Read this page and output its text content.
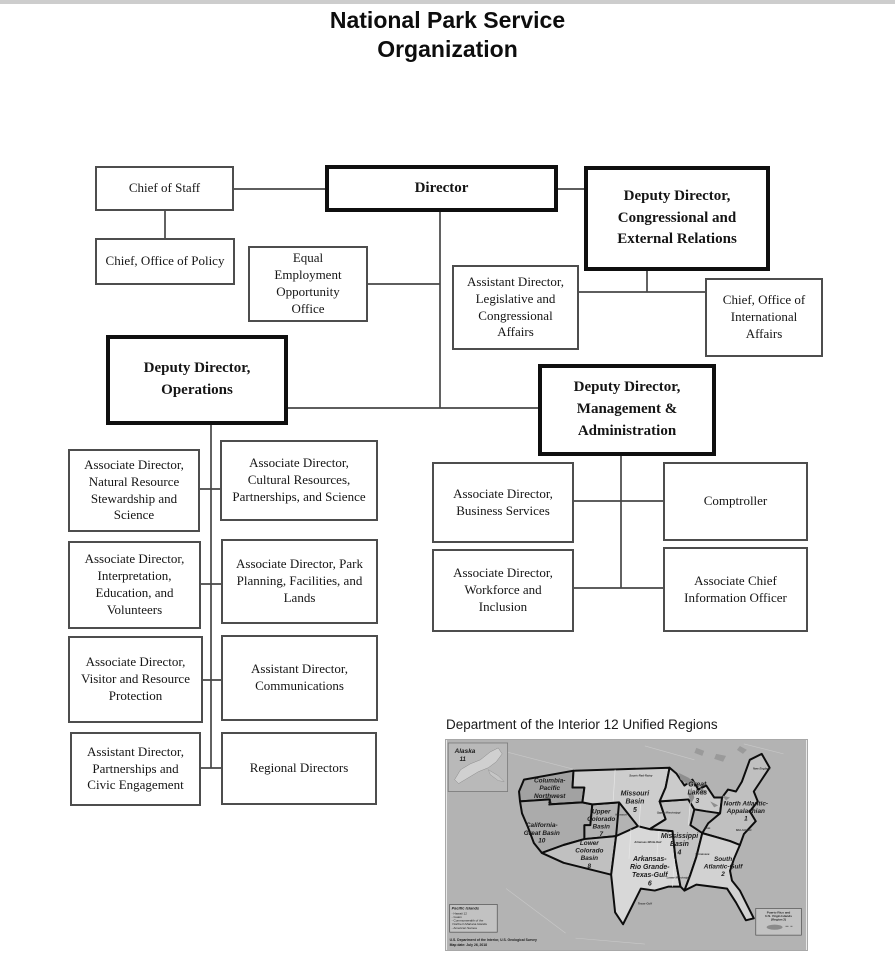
National Park Service
Organization
Chief of Staff	Director
Deputy Director, Congressional and External Relations
Chief, Office of Policy	Equal Employment Opportunity Office
Assistant Director, Legislative and Congressional Affairs
Chief, Office of International Affairs
Deputy Director, Operations	Deputy Director, Management & Administration
Associate Director, Natural Resource Stewardship and Science
Associate Director, Cultural Resources, Partnerships, and Science
Associate Director, Interpretation, Education, and Volunteers
Associate Director, Park Planning, Facilities, and Lands
Associate Director, Visitor and Resource Protection
Assistant Director, Communications
Assistant Director, Partnerships and Civic Engagement
Regional Directors
Associate Director, Business Services
Comptroller
Associate Director, Workforce and Inclusion
Associate Chief Information Officer
Department of the Interior 12 Unified Regions
Columbia-Pacific Northwest 9
California-Great Basin 10
Upper Colorado Basin 7
Lower Colorado Basin 8
Missouri Basin 5
Arkansas-Rio Grande-Texas-Gulf 6
Mississippi Basin 4
Great Lakes 3	North Atlantic-Appalachian 1
South Atlantic-Gulf 2
Souris-Red-Rainy
Missouri	Upper Mississippi
Ohio
Arkansas-White-Red
Texas-Gulf
Lower Mississippi
Tennessee
Mid-Atlantic
New England
Alaska
11
Pacific Islands
- Hawaii 12 - Guam - Commonwealth of the Northern Mariana Islands - American Samoa
Puerto Rico and U.S. Virgin Islands (Region 2)
U.S. Department of the Interior, U.S. Geological Survey
Map date: July 26, 2018
